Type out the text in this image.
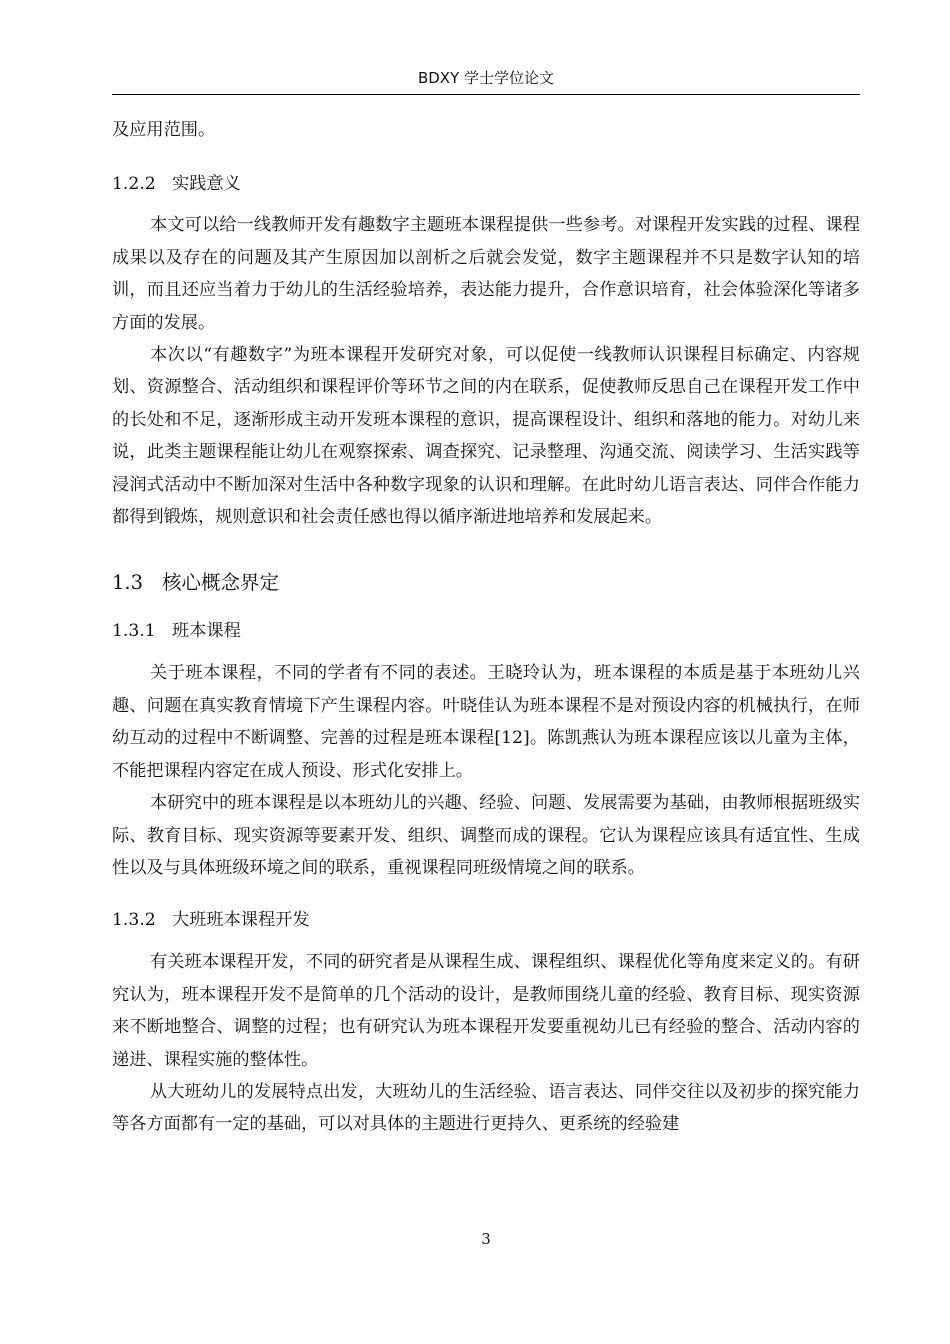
BDXY 学士学位论文

及应用范围。

1.2.2 实践意义

本文可以给一线教师开发有趣数字主题班本课程提供一些参考。对课程开发实践的过程、课程成果以及存在的问题及其产生原因加以剖析之后就会发觉，数字主题课程并不只是数字认知的培训，而且还应当着力于幼儿的生活经验培养，表达能力提升，合作意识培育，社会体验深化等诸多方面的发展。

本次以“有趣数字”为班本课程开发研究对象，可以促使一线教师认识课程目标确定、内容规划、资源整合、活动组织和课程评价等环节之间的内在联系，促使教师反思自己在课程开发工作中的长处和不足，逐渐形成主动开发班本课程的意识，提高课程设计、组织和落地的能力。对幼儿来说，此类主题课程能让幼儿在观察探索、调查探究、记录整理、沟通交流、阅读学习、生活实践等浸润式活动中不断加深对生活中各种数字现象的认识和理解。在此时幼儿语言表达、同伴合作能力都得到锻炼，规则意识和社会责任感也得以循序渐进地培养和发展起来。

1.3 核心概念界定
1.3.1 班本课程

关于班本课程，不同的学者有不同的表述。王晓玲认为，班本课程的本质是基于本班幼儿兴趣、问题在真实教育情境下产生课程内容。叶晓佳认为班本课程不是对预设内容的机械执行，在师幼互动的过程中不断调整、完善的过程是班本课程[12]。陈凯燕认为班本课程应该以儿童为主体，不能把课程内容定在成人预设、形式化安排上。

本研究中的班本课程是以本班幼儿的兴趣、经验、问题、发展需要为基础，由教师根据班级实际、教育目标、现实资源等要素开发、组织、调整而成的课程。它认为课程应该具有适宜性、生成性以及与具体班级环境之间的联系，重视课程同班级情境之间的联系。

1.3.2 大班班本课程开发

有关班本课程开发，不同的研究者是从课程生成、课程组织、课程优化等角度来定义的。有研究认为，班本课程开发不是简单的几个活动的设计，是教师围绕儿童的经验、教育目标、现实资源来不断地整合、调整的过程；也有研究认为班本课程开发要重视幼儿已有经验的整合、活动内容的递进、课程实施的整体性。

从大班幼儿的发展特点出发，大班幼儿的生活经验、语言表达、同伴交往以及初步的探究能力等各方面都有一定的基础，可以对具体的主题进行更持久、更系统的经验建

3
